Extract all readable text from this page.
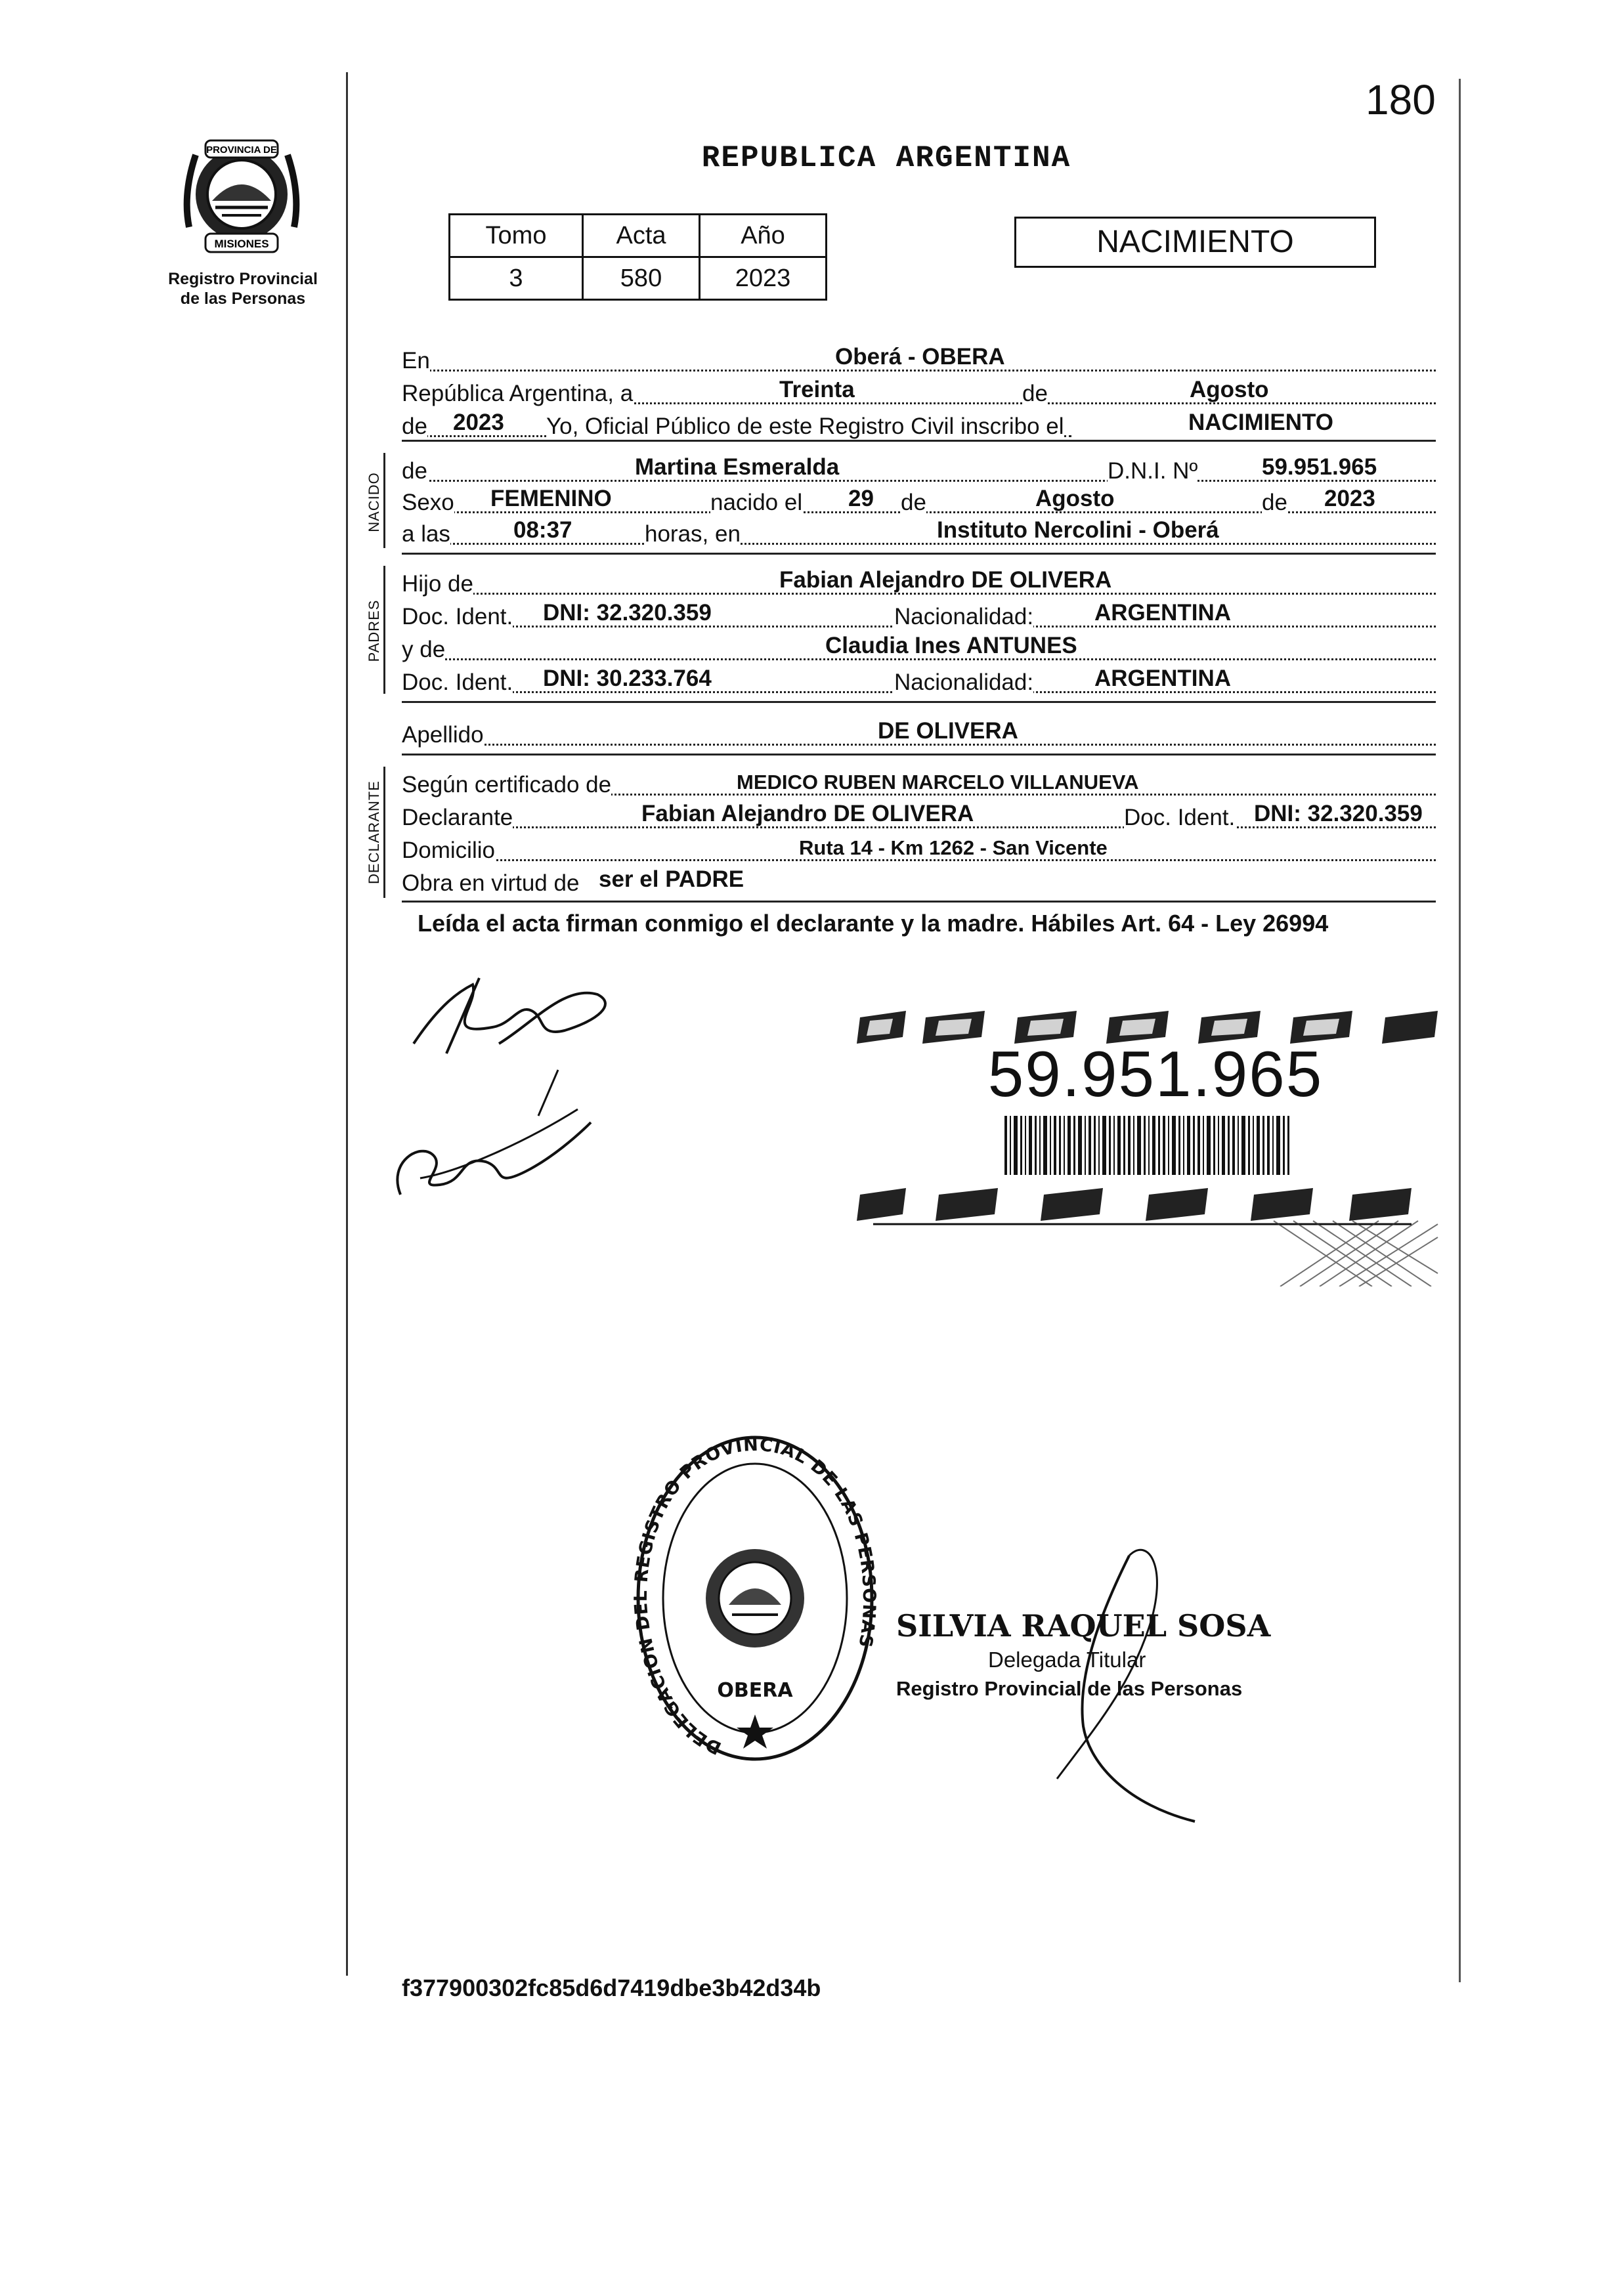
PROVINCIA DE
MISIONES
Registro Provincial
de las Personas
180
REPUBLICA ARGENTINA
Tomo	Acta	Año
3	580	2023
NACIMIENTO
En	Oberá - OBERA
República Argentina, a	Treinta	de	Agosto
de 2023 Yo, Oficial Público de este Registro Civil inscribo el	NACIMIENTO
NACIDO
de	Martina Esmeralda	D.N.I. Nº	59.951.965
Sexo FEMENINO	nacido el 29 de	Agosto	de 2023
a las	08:37	horas, en	Instituto Nercolini - Oberá
PADRES
Hijo de	Fabian Alejandro DE OLIVERA
Doc. Ident. DNI: 32.320.359	Nacionalidad:	ARGENTINA
y de	Claudia Ines ANTUNES
Doc. Ident. DNI: 30.233.764	Nacionalidad:	ARGENTINA
Apellido	DE OLIVERA
DECLARANTE Según certificado de	MEDICO RUBEN MARCELO VILLANUEVA
Declarante	Fabian Alejandro DE OLIVERA	Doc. Ident. DNI: 32.320.359
Domicilio	Ruta 14 - Km 1262 - San Vicente
Obra en virtud de ser el PADRE
Leída el acta firman conmigo el declarante y la madre. Hábiles Art. 64 - Ley 26994
59.951.965
DELEGACION DEL REGISTRO PROVINCIAL DE LAS PERSONAS
OBERA
SILVIA RAQUEL SOSA
Delegada Titular
Registro Provincial de las Personas
f377900302fc85d6d7419dbe3b42d34b
